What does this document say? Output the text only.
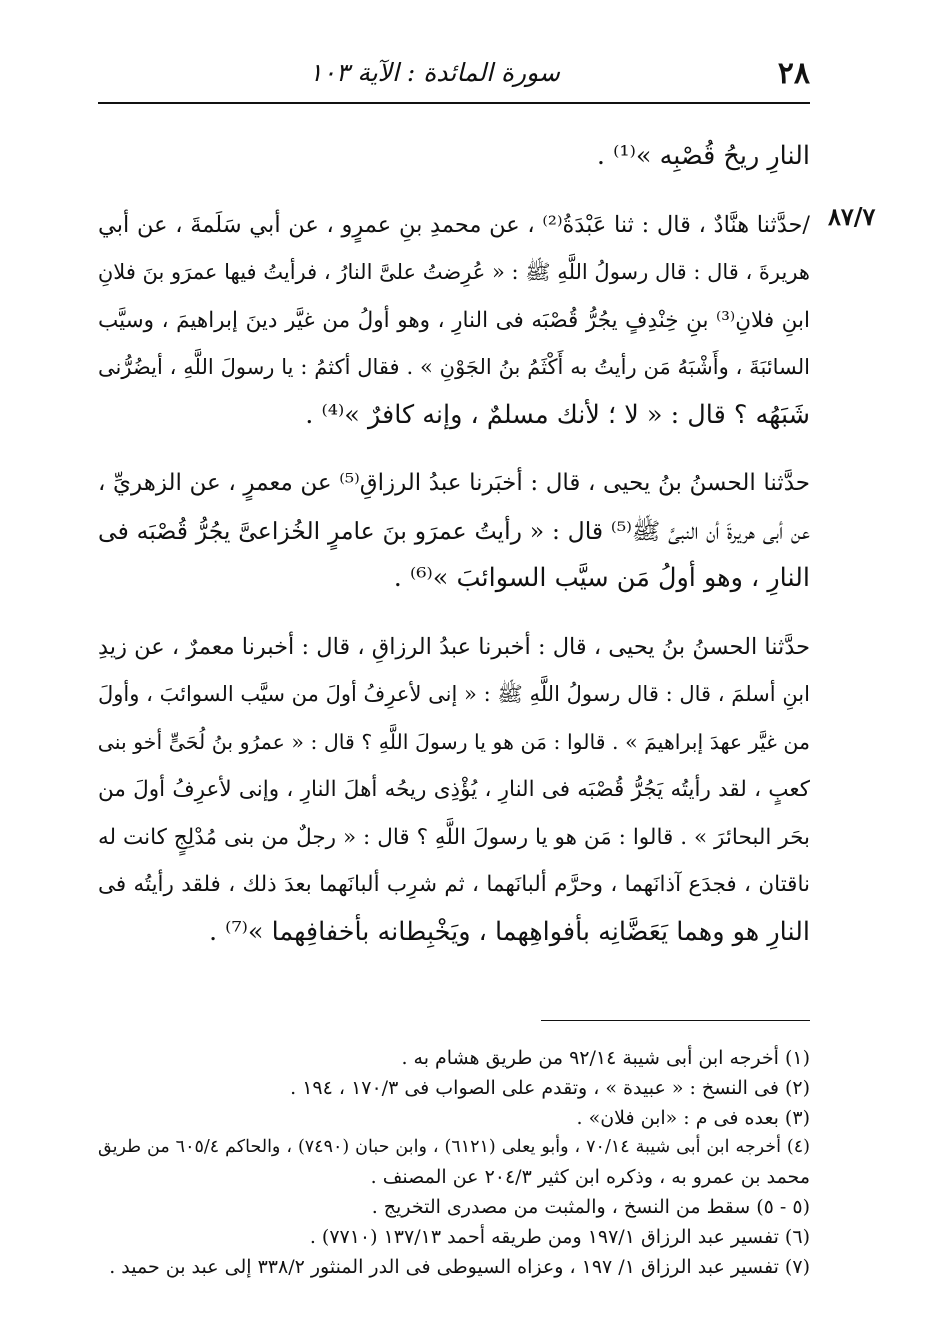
٢٨
سورة المائدة : الآية ١٠٣
٨٧/٧
النارِ ريحُ قُصْبِه »⁽¹⁾ .
/حدَّثنا هنَّادٌ ، قال : ثنا عَبْدَةُ⁽²⁾ ، عن محمدِ بنِ عمرٍو ، عن أبي سَلَمةَ ، عن أبي
هريرةَ ، قال : قال رسولُ اللَّهِ ﷺ : « عُرِضتُ علىَّ النارُ ، فرأيتُ فيها عمرَو بنَ فلانِ
ابنِ فلانِ⁽³⁾ بنِ خِنْدِفٍ يجُرُّ قُصْبَه فى النارِ ، وهو أولُ من غيَّر دينَ إبراهيمَ ، وسيَّب
السائبَةَ ، وأَشْبَهُ مَن رأيتُ به أَكْثَمُ بنُ الجَوْنِ » . فقال أكثمُ : يا رسولَ اللَّهِ ، أيضُرُّنى
شَبَهُه ؟ قال : « لا ؛ لأنك مسلمٌ ، وإنه كافرٌ »⁽⁴⁾ .
حدَّثنا الحسنُ بنُ يحيى ، قال : أخبَرنا عبدُ الرزاقِ⁽⁵⁾ عن معمرٍ ، عن الزهريِّ ،
عن أبى هريرةَ أن النبىَّ ﷺ⁽⁵⁾ قال : « رأيتُ عمرَو بنَ عامرٍ الخُزاعىَّ يجُرُّ قُصْبَه فى
النارِ ، وهو أولُ مَن سيَّب السوائبَ »⁽⁶⁾ .
حدَّثنا الحسنُ بنُ يحيى ، قال : أخبرنا عبدُ الرزاقِ ، قال : أخبرنا معمرٌ ، عن زيدِ
ابنِ أسلمَ ، قال : قال رسولُ اللَّهِ ﷺ : « إنى لأعرِفُ أولَ من سيَّب السوائبَ ، وأولَ
من غيَّر عهدَ إبراهيمَ » . قالوا : مَن هو يا رسولَ اللَّهِ ؟ قال : « عمرُو بنُ لُحَىٍّ أخو بنى
كعبٍ ، لقد رأيتُه يَجُرُّ قُصْبَه فى النارِ ، يُؤْذِى ريحُه أهلَ النارِ ، وإنى لأعرِفُ أولَ من
بحَر البحائرَ » . قالوا : مَن هو يا رسولَ اللَّهِ ؟ قال : « رجلٌ من بنى مُدْلِجٍ كانت له
ناقتان ، فجدَع آذانَهما ، وحرَّم ألبانَهما ، ثم شرِب ألبانَهما بعدَ ذلك ، فلقد رأيتُه فى
النارِ هو وهما يَعَضَّانِه بأفواهِهما ، ويَخْبِطانه بأخفافِهما »⁽⁷⁾ .
(١) أخرجه ابن أبى شيبة ٩٢/١٤ من طريق هشام به .
(٢) فى النسخ : « عبيدة » ، وتقدم على الصواب فى ١٧٠/٣ ، ١٩٤ .
(٣) بعده فى م : «ابن فلان» .
(٤) أخرجه ابن أبى شيبة ٧٠/١٤ ، وأبو يعلى (٦١٢١) ، وابن حبان (٧٤٩٠) ، والحاكم ٦٠٥/٤ من طريق
محمد بن عمرو به ، وذكره ابن كثير ٢٠٤/٣ عن المصنف .
(٥ - ٥) سقط من النسخ ، والمثبت من مصدرى التخريج .
(٦) تفسير عبد الرزاق ١٩٧/١ ومن طريقه أحمد ١٣٧/١٣ (٧٧١٠) .
(٧) تفسير عبد الرزاق ١/ ١٩٧ ، وعزاه السيوطى فى الدر المنثور ٣٣٨/٢ إلى عبد بن حميد .
